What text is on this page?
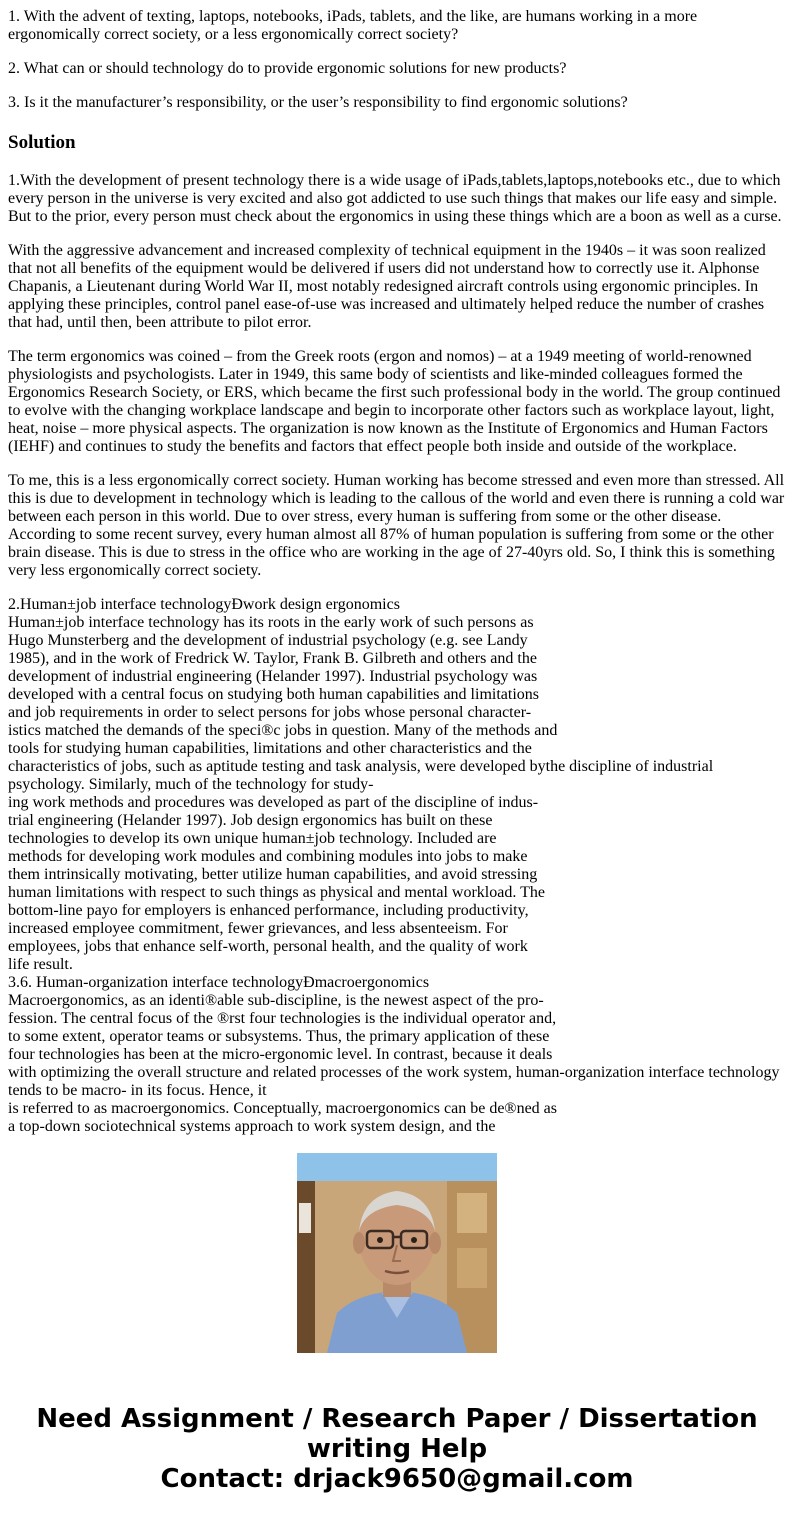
1. With the advent of texting, laptops, notebooks, iPads, tablets, and the like, are humans working in a more ergonomically correct society, or a less ergonomically correct society?

2. What can or should technology do to provide ergonomic solutions for new products?

3. Is it the manufacturer’s responsibility, or the user’s responsibility to find ergonomic solutions?

Solution

1.With the development of present technology there is a wide usage of iPads,tablets,laptops,notebooks etc., due to which every person in the universe is very excited and also got addicted to use such things that makes our life easy and simple. But to the prior, every person must check about the ergonomics in using these things which are a boon as well as a curse.

With the aggressive advancement and increased complexity of technical equipment in the 1940s – it was soon realized that not all benefits of the equipment would be delivered if users did not understand how to correctly use it. Alphonse Chapanis, a Lieutenant during World War II, most notably redesigned aircraft controls using ergonomic principles. In applying these principles, control panel ease-of-use was increased and ultimately helped reduce the number of crashes that had, until then, been attribute to pilot error.

The term ergonomics was coined – from the Greek roots (ergon and nomos) – at a 1949 meeting of world-renowned physiologists and psychologists. Later in 1949, this same body of scientists and like-minded colleagues formed the Ergonomics Research Society, or ERS, which became the first such professional body in the world. The group continued to evolve with the changing workplace landscape and begin to incorporate other factors such as workplace layout, light, heat, noise – more physical aspects. The organization is now known as the Institute of Ergonomics and Human Factors (IEHF) and continues to study the benefits and factors that effect people both inside and outside of the workplace.

To me, this is a less ergonomically correct society. Human working has become stressed and even more than stressed. All this is due to development in technology which is leading to the callous of the world and even there is running a cold war between each person in this world. Due to over stress, every human is suffering from some or the other disease. According to some recent survey, every human almost all 87% of human population is suffering from some or the other brain disease. This is due to stress in the office who are working in the age of 27-40yrs old. So, I think this is something very less ergonomically correct society.

2.Human±job interface technologyÐwork design ergonomics
Human±job interface technology has its roots in the early work of such persons as
Hugo Munsterberg and the development of industrial psychology (e.g. see Landy
1985), and in the work of Fredrick W. Taylor, Frank B. Gilbreth and others and the
development of industrial engineering (Helander 1997). Industrial psychology was
developed with a central focus on studying both human capabilities and limitations
and job requirements in order to select persons for jobs whose personal character-
istics matched the demands of the speci®c jobs in question. Many of the methods and
tools for studying human capabilities, limitations and other characteristics and the
characteristics of jobs, such as aptitude testing and task analysis, were developed bythe discipline of industrial psychology. Similarly, much of the technology for study-
ing work methods and procedures was developed as part of the discipline of indus-
trial engineering (Helander 1997). Job design ergonomics has built on these
technologies to develop its own unique human±job technology. Included are
methods for developing work modules and combining modules into jobs to make
them intrinsically motivating, better utilize human capabilities, and avoid stressing
human limitations with respect to such things as physical and mental workload. The
bottom-line payo for employers is enhanced performance, including productivity,
increased employee commitment, fewer grievances, and less absenteeism. For
employees, jobs that enhance self-worth, personal health, and the quality of work
life result.
3.6. Human-organization interface technologyÐmacroergonomics
Macroergonomics, as an identi®able sub-discipline, is the newest aspect of the pro-
fession. The central focus of the ®rst four technologies is the individual operator and,
to some extent, operator teams or subsystems. Thus, the primary application of these
four technologies has been at the micro-ergonomic level. In contrast, because it deals
with optimizing the overall structure and related processes of the work system, human-organization interface technology tends to be macro- in its focus. Hence, it
is referred to as macroergonomics. Conceptually, macroergonomics can be de®ned as
a top-down sociotechnical systems approach to work system design, and the
Need Assignment / Research Paper / Dissertation writing Help
Contact: drjack9650@gmail.com
